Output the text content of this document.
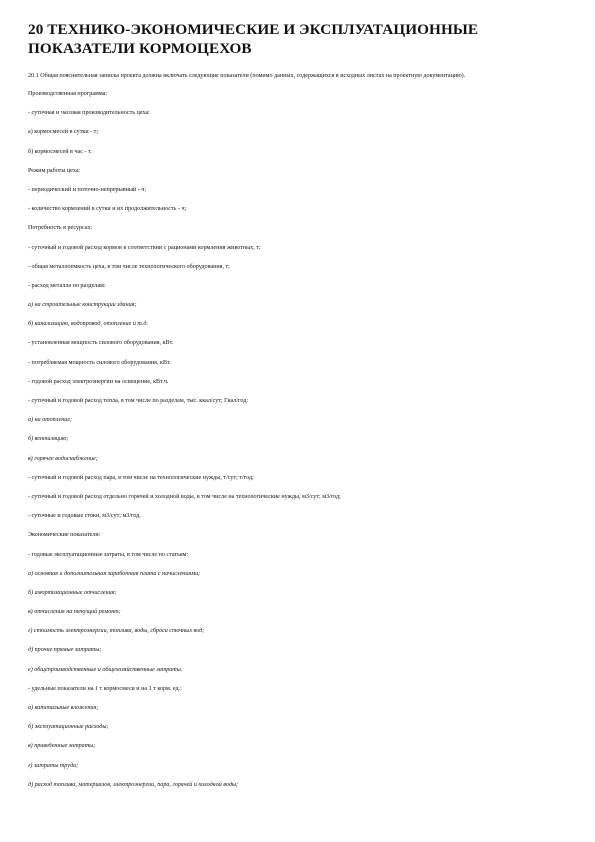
20 ТЕХНИКО-ЭКОНОМИЧЕСКИЕ И ЭКСПЛУАТАЦИОННЫЕ ПОКАЗАТЕЛИ КОРМОЦЕХОВ
20.1 Общая пояснительная записка проекта должна включать следующие показатели (помимо данных, содержащихся в исходных листах на проектную документацию).
Производственная программа:
- суточная и часовая производительность цеха:
а) кормосмесей в сутки - т;
б) кормосмесей в час - т.
Режим работы цеха:
- периодический и поточно-непрерывный - ч;
- количество кормлений в сутки и их продолжительность - ч;
Потребность в ресурсах:
- суточный и годовой расход кормов в соответствии с рационами кормления животных, т;
- общая металлоемкость цеха, в том числе технологического оборудования, т;
- расход металла по разделам:
а) на строительные конструкции здания;
б) канализацию, водопровод, отопление и т.д.
- установленная мощность силового оборудования, кВт.
- потребляемая мощность силового оборудования, кВт.
- годовой расход электроэнергии на освещение, кВт.ч.
- суточный и годовой расход тепла, в том числе по разделам, тыс. ккал/сут; Гкал/год:
а) на отопление;
б) вентиляцию;
в) горячее водоснабжение;
- суточный и годовой расход пара, в том числе на технологические нужды, т/сут; т/год;
- суточный и годовой расход отдельно горячей и холодной воды, в том числе на технологические нужды, м3/сут; м3/год;
- суточные и годовые стоки, м3/сут; м3/год.
Экономические показатели:
- годовые эксплуатационные затраты, в том числе по статьям:
а) основная и дополнительная заработная плата с начислениями;
б) амортизационные отчисления;
в) отчисления на текущий ремонт;
г) стоимость электроэнергии, топлива, воды, сброса сточных вод;
д) прочие прямые затраты;
е) общепроизводственные и общехозяйственные затраты.
- удельные показатели на 1 т кормосмеси и на 1 т корм. ед.:
а) капитальные вложения;
б) эксплуатационные расходы;
в) приведенные затраты;
г) затраты труда;
д) расход топлива, материалов, электроэнергии, пара, горячей и холодной воды;
